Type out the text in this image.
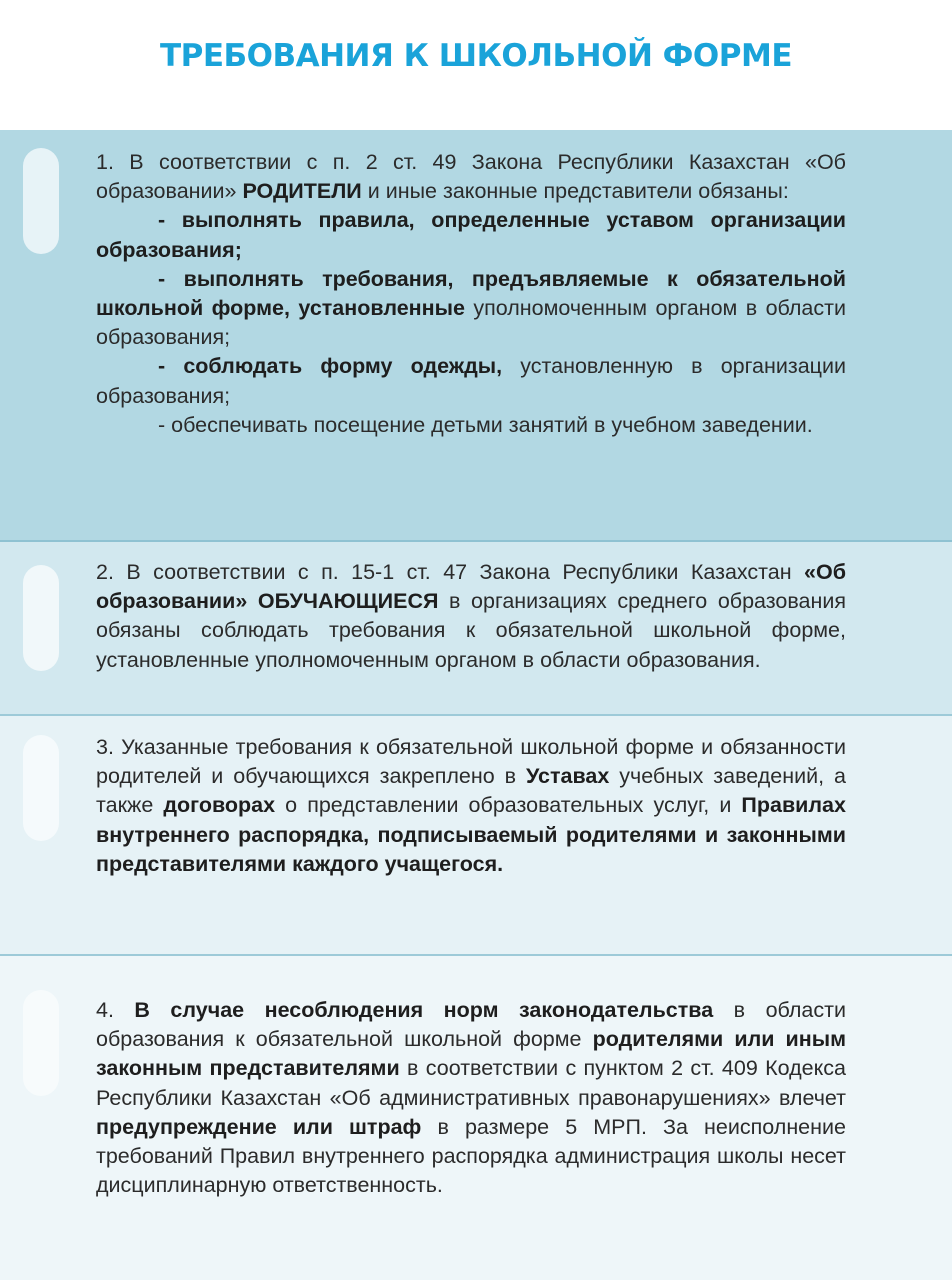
ТРЕБОВАНИЯ К ШКОЛЬНОЙ ФОРМЕ

1. В соответствии с п. 2 ст. 49 Закона Республики Казахстан «Об образовании» РОДИТЕЛИ и иные законные представители обязаны:

- выполнять правила, определенные уставом организации образования;

- выполнять требования, предъявляемые к обязательной школьной форме, установленные уполномоченным органом в области образования;

- соблюдать форму одежды, установленную в организации образования;

- обеспечивать посещение детьми занятий в учебном заведении.

2. В соответствии с п. 15-1 ст. 47 Закона Республики Казахстан «Об образовании» ОБУЧАЮЩИЕСЯ в организациях среднего образования обязаны соблюдать требования к обязательной школьной форме, установленные уполномоченным органом в области образования.

3. Указанные требования к обязательной школьной форме и обязанности родителей и обучающихся закреплено в Уставах учебных заведений, а также договорах о представлении образовательных услуг, и Правилах внутреннего распорядка, подписываемый родителями и законными представителями каждого учащегося.

4. В случае несоблюдения норм законодательства в области образования к обязательной школьной форме родителями или иным законным представителями в соответствии с пунктом 2 ст. 409 Кодекса Республики Казахстан «Об административных правонарушениях» влечет предупреждение или штраф в размере 5 МРП. За неисполнение требований Правил внутреннего распорядка администрация школы несет дисциплинарную ответственность.
